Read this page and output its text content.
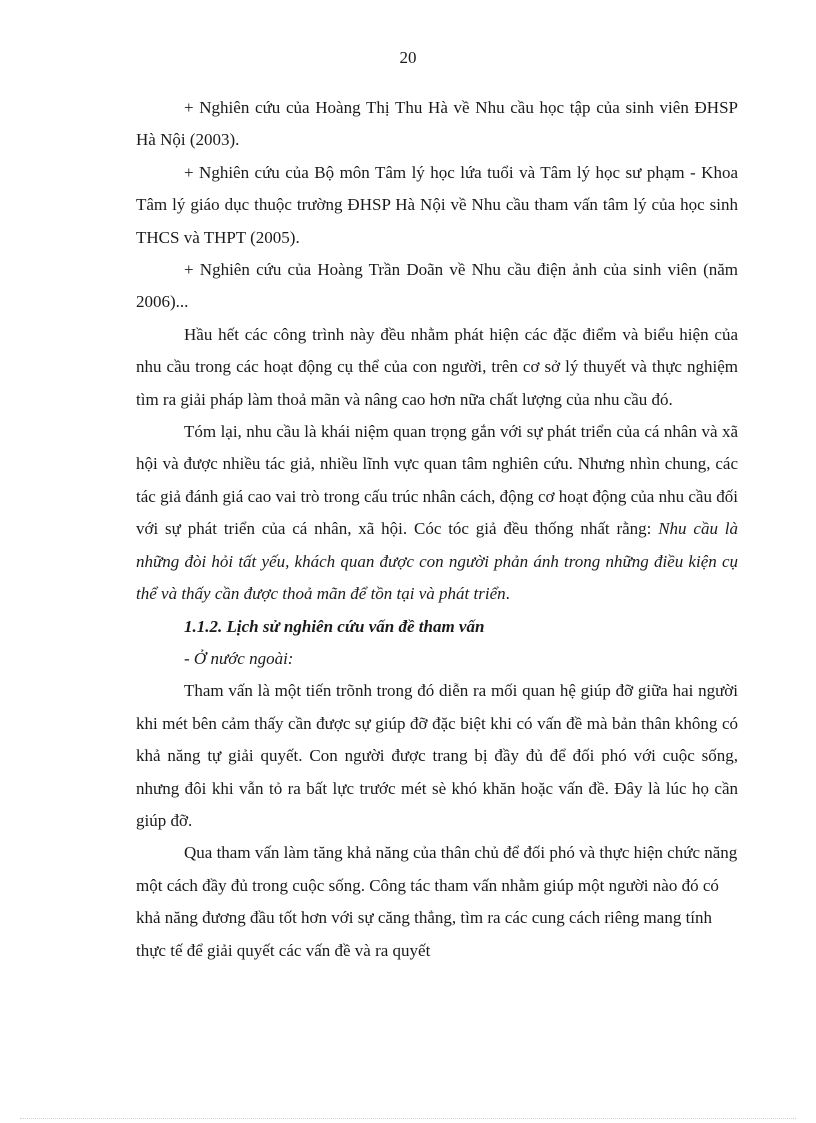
20

+ Nghiên cứu của Hoàng Thị Thu Hà về Nhu cầu học tập của sinh viên ĐHSP Hà Nội (2003).

+ Nghiên cứu của Bộ môn Tâm lý học lứa tuổi và Tâm lý học sư phạm - Khoa Tâm lý giáo dục thuộc trường ĐHSP Hà Nội về Nhu cầu tham vấn tâm lý của học sinh THCS và THPT (2005).

+ Nghiên cứu của Hoàng Trần Doãn về Nhu cầu điện ảnh của sinh viên (năm 2006)...

Hầu hết các công trình này đều nhằm phát hiện các đặc điểm và biểu hiện của nhu cầu trong các hoạt động cụ thể của con người, trên cơ sở lý thuyết và thực nghiệm tìm ra giải pháp làm thoả mãn và nâng cao hơn nữa chất lượng của nhu cầu đó.

Tóm lại, nhu cầu là khái niệm quan trọng gắn với sự phát triển của cá nhân và xã hội và được nhiều tác giả, nhiều lĩnh vực quan tâm nghiên cứu. Nhưng nhìn chung, các tác giả đánh giá cao vai trò trong cấu trúc nhân cách, động cơ hoạt động của nhu cầu đối với sự phát triển của cá nhân, xã hội. Cóc tóc giả đều thống nhất rằng: Nhu cầu là những đòi hỏi tất yếu, khách quan được con người phản ánh trong những điều kiện cụ thể và thấy cần được thoả mãn để tồn tại và phát triển.

1.1.2. Lịch sử nghiên cứu vấn đề tham vấn

- Ở nước ngoài:

Tham vấn là một tiến trõnh trong đó diễn ra mối quan hệ giúp đỡ giữa hai người khi mét bên cảm thấy cần được sự giúp đỡ đặc biệt khi có vấn đề mà bản thân không có khả năng tự giải quyết. Con người được trang bị đầy đủ để đối phó với cuộc sống, nhưng đôi khi vẫn tỏ ra bất lực trước mét sè khó khăn hoặc vấn đề. Đây là lúc họ cần giúp đỡ.

Qua tham vấn làm tăng khả năng của thân chủ để đối phó và thực hiện chức năng một cách đầy đủ trong cuộc sống. Công tác tham vấn nhằm giúp một người nào đó có khả năng đương đầu tốt hơn với sự căng thẳng, tìm ra các cung cách riêng mang tính thực tế để giải quyết các vấn đề và ra quyết
